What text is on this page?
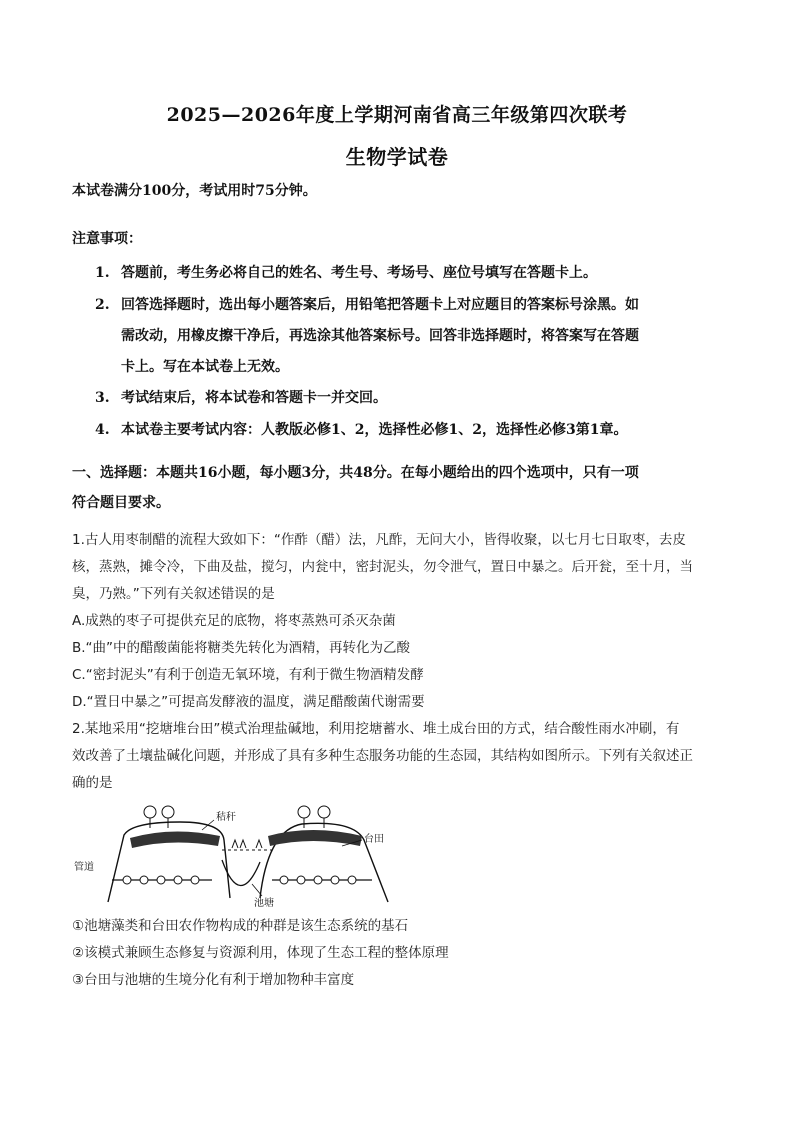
2025—2026年度上学期河南省高三年级第四次联考
生物学试卷
本试卷满分100分，考试用时75分钟。
注意事项：
1. 答题前，考生务必将自己的姓名、考生号、考场号、座位号填写在答题卡上。
2. 回答选择题时，选出每小题答案后，用铅笔把答题卡上对应题目的答案标号涂黑。如
需改动，用橡皮擦干净后，再选涂其他答案标号。回答非选择题时，将答案写在答题
卡上。写在本试卷上无效。
3. 考试结束后，将本试卷和答题卡一并交回。
4. 本试卷主要考试内容：人教版必修1、2，选择性必修1、2，选择性必修3第1章。
一、选择题：本题共16小题，每小题3分，共48分。在每小题给出的四个选项中，只有一项
符合题目要求。
1.古人用枣制醋的流程大致如下：“作酢（醋）法，凡酢，无问大小，皆得收聚，以七月七日取枣，去皮
核，蒸熟，摊令冷，下曲及盐，搅匀，内瓮中，密封泥头，勿令泄气，置日中暴之。后开瓮，至十月，当
臭，乃熟。”下列有关叙述错误的是
A.成熟的枣子可提供充足的底物，将枣蒸熟可杀灭杂菌
B.“曲”中的醋酸菌能将糖类先转化为酒精，再转化为乙酸
C.“密封泥头”有利于创造无氧环境，有利于微生物酒精发酵
D.“置日中暴之”可提高发酵液的温度，满足醋酸菌代谢需要
2.某地采用“挖塘堆台田”模式治理盐碱地，利用挖塘蓄水、堆土成台田的方式，结合酸性雨水冲刷，有
效改善了土壤盐碱化问题，并形成了具有多种生态服务功能的生态园，其结构如图所示。下列有关叙述正
确的是
秸秆
台田
管道
池塘
①池塘藻类和台田农作物构成的种群是该生态系统的基石
②该模式兼顾生态修复与资源利用，体现了生态工程的整体原理
③台田与池塘的生境分化有利于增加物种丰富度
